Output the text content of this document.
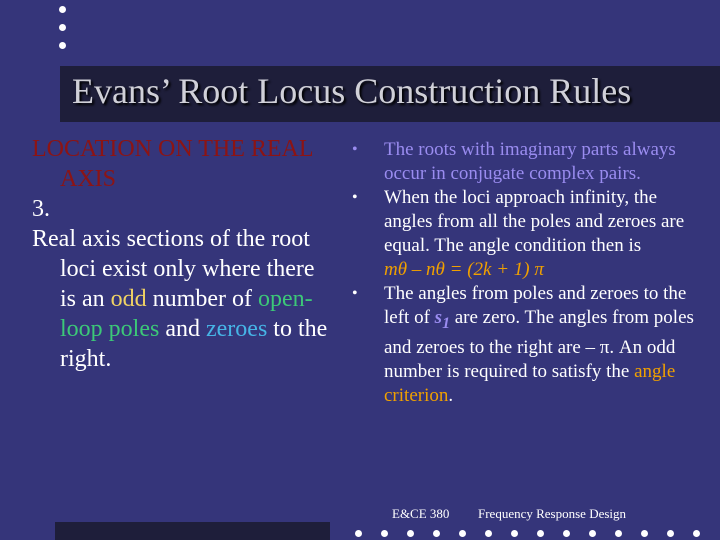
Evans’ Root Locus Construction Rules

LOCATION ON THE REAL AXIS

3.

Real axis sections of the root loci exist only where there is an odd number of open-loop poles and zeroes to the right.

• The roots with imaginary parts always occur in conjugate complex pairs.

• When the loci approach infinity, the angles from all the poles and zeroes are equal. The angle condition then is
mθ – nθ = (2k + 1) π

• The angles from poles and zeroes to the left of $s_1$ are zero. The angles from poles and zeroes to the right are – π. An odd number is required to satisfy the angle criterion.

E&CE 380 Frequency Response Design
